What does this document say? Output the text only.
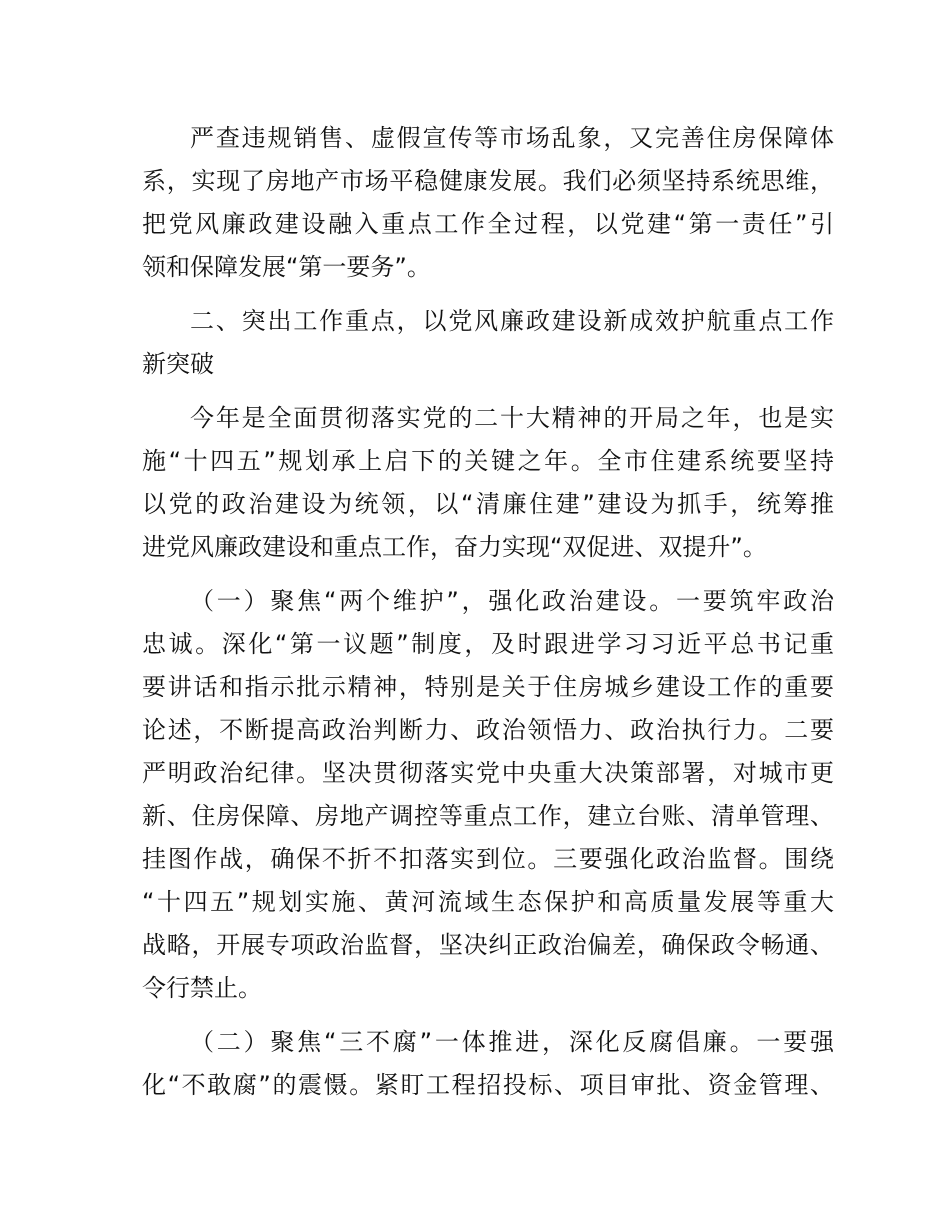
严查违规销售、虚假宣传等市场乱象，又完善住房保障体
系，实现了房地产市场平稳健康发展。我们必须坚持系统思维，
把党风廉政建设融入重点工作全过程，以党建“第一责任”引
领和保障发展“第一要务”。
二、突出工作重点，以党风廉政建设新成效护航重点工作
新突破
今年是全面贯彻落实党的二十大精神的开局之年，也是实
施“十四五”规划承上启下的关键之年。全市住建系统要坚持
以党的政治建设为统领，以“清廉住建”建设为抓手，统筹推
进党风廉政建设和重点工作，奋力实现“双促进、双提升”。
（一）聚焦“两个维护”，强化政治建设。一要筑牢政治
忠诚。深化“第一议题”制度，及时跟进学习习近平总书记重
要讲话和指示批示精神，特别是关于住房城乡建设工作的重要
论述，不断提高政治判断力、政治领悟力、政治执行力。二要
严明政治纪律。坚决贯彻落实党中央重大决策部署，对城市更
新、住房保障、房地产调控等重点工作，建立台账、清单管理、
挂图作战，确保不折不扣落实到位。三要强化政治监督。围绕
“十四五”规划实施、黄河流域生态保护和高质量发展等重大
战略，开展专项政治监督，坚决纠正政治偏差，确保政令畅通、
令行禁止。
（二）聚焦“三不腐”一体推进，深化反腐倡廉。一要强
化“不敢腐”的震慑。紧盯工程招投标、项目审批、资金管理、
